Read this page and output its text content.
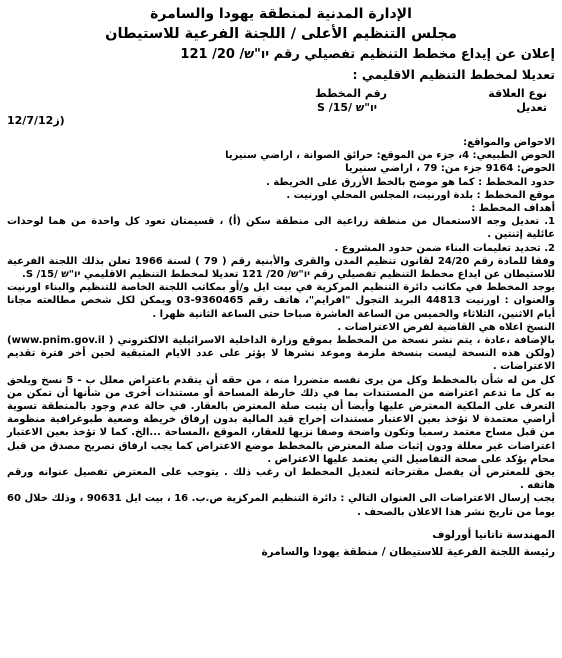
الإدارة المدنية لمنطقة يهودا والسامرة
مجلس التنظيم الأعلى / اللجنة الفرعية للاستيطان
إعلان عن إيداع مخطط التنظيم تفصيلي رقم יו"ש/ 20/ 121
تعديلا لمخطط التنظيم الاقليمي :
نوع العلاقة
تعديل
رقم المخطط
S /15/ יו"ש
ز12/7/12)

الاحواض والمواقع:

الحوض الطبيعي: 4، جزء من الموقع: حرائق الصوانة ، اراضي سنيريا

الحوض: 9164 جزء من: 79 ، اراضي سنيريا

حدود المخطط : كما هو موضح بالخط الأزرق على الخريطة .

موقع المخطط : بلدة اورنيت، المجلس المحلي اورنيت .

أهداف المخطط :

1. تعديل وجه الاستعمال من منطقة زراعية الى منطقة سكن (أ) ، قسيمتان تعود كل واحدة من هما لوحدات عائلية إثنتين .

2. تحديد تعليمات البناء ضمن حدود المشروع .

وفقا للمادة رقم 24/20 لقانون تنظيم المدن والقرى والأبنية رقم ( 79 ) لسنة 1966 تعلن بذلك اللجنة الفرعية للاستيطان عن ايداع مخطط التنظيم تفصيلي رقم יו"ש/ 20/ 121 تعديلا لمخطط التنظيم الاقليمي יו"ש /15/ S.

يوجد المخطط في مكاتب دائرة التنظيم المركزية في بيت ايل و/أو بمكاتب اللجنة الخاصة للتنظيم والبناء اورنيت والعنوان : اورنيت 44813 البريد التجول "افرايم"، هاتف رقم 9360465-03 ويمكن لكل شخص مطالعته مجانا أيام الاثنين، الثلاثاء والخميس من الساعة العاشرة صباحا حتى الساعة الثانية ظهرا .

النسخ اعلاه هي القاضية لفرض الاعتراضات .

بالإضافة ،عادة ، يتم نشر نسخة من المخطط بموقع وزارة الداخلية الاسرائيلية الالكتروني ( www.pnim.gov.il) (ولكن هذه النسخة ليست بنسخة ملزمة وموعد نشرها لا يؤثر على عدد الايام المتبقية لحين أخر فترة تقديم الاعتراضات .

كل من له شأن بالمخطط وكل من يرى نفسه متضررا منه ، من حقه أن يتقدم باعتراض معلل ب - 5 نسخ ويلحق به كل ما تدعم اعتراضه من المستندات بما في ذلك خارطة المساحة أو مستندات أخرى من شأنها أن تمكن من التعرف على الملكية المعترض عليها وأيضا أن يثبت صلة المعترض بالعقار. في حالة عدم وجود بالمنطقة تسوية أراضي معتمدة لا تؤخذ بعين الاعتبار مستندات إخراج قيد المالية بدون إرفاق خريطة وضعية طبوغرافية منظومة من قبل مساح معتمد رسميا وتكون واضحة وصفا نزيها للعقار، الموقع ،المساحة ...الخ. كما لا تؤخذ بعين الاعتبار اعتراضات غير معللة ودون إثبات صلة المعترض بالمخطط موضع الاعتراض كما يجب ارفاق تصريح مصدق من قبل محام يؤكد على صحة التفاصيل التي يعتمد عليها الاعتراض .

يحق للمعترض أن يفصل مقترحاته لتعديل المخطط ان رغب ذلك . يتوجب على المعترض تفصيل عنوانه ورقم هاتفه .

يجب إرسال الاعتراضات الى العنوان التالي : دائرة التنظيم المركزية ص.ب. 16 ، بيت ايل 90631 ، وذلك خلال 60 يوما من تاريخ نشر هذا الاعلان بالصحف .

المهندسة تاتانيا أورلوف
رئيسة اللجنة الفرعية للاستيطان / منطقة يهودا والسامرة
